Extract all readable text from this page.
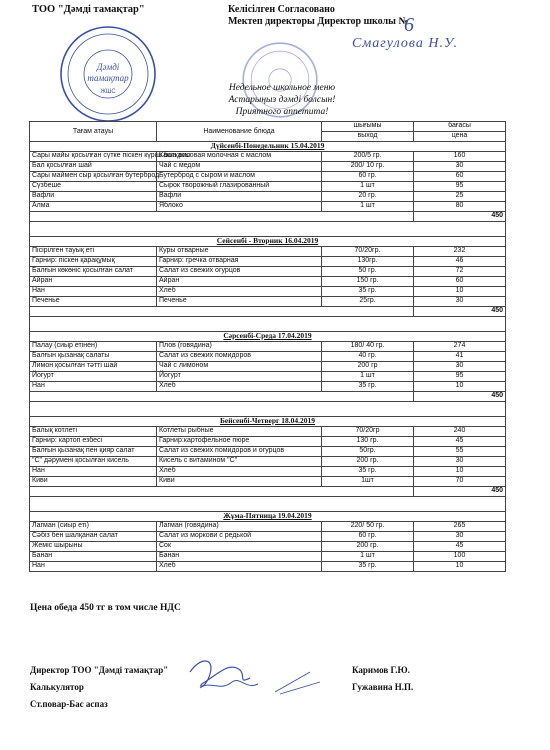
ТОО "Дәмді тамақтар"	Келісілген Согласовано
Мектеп директоры Директор школы №
6
Смагулова Н.У.
Дәмді
тамақтар
ЖШС	Недельное школьное меню
Астарыңыз дәмді болсын!
Приятного аппетита!
Тағам атауы	Наименование блюда	шығымы	бағасы
		выход	цена
Дүйсенбі-Понедельник 15.04.2019			
Сары майы қосылған сүтке піскен күріш ботқасы	Каша рисовая молочная с маслом	200/5 гр.	160
Бал қосылған шай	Чай с медом	200/ 10 гр.	30
Сары маймен сыр қосылған бутерброд	Бутерброд с сыром и маслом	60 гр.	60
Сүзбеше	Сырок творожный глазированный	1 шт	95
Вафли	Вафли	20 гр.	25
Алма	Яблоко	1 шт	80
			450

Сейсенбі - Вторник 16.04.2019			
Пісірілген тауық еті	Куры отварные	70/20гр.	232
Гарнир: піскен қарақұмық	Гарнир: гречка отварная	130гр.	46
Балғын көкөніс қосылған салат	Салат из свежих огурцов	50 гр.	72
Айран	Айран	150 гр.	60
Нан	Хлеб	35 гр.	10
Печенье	Печенье	25гр.	30
			450

Сәрсенбі-Среда 17.04.2019			
Палау (сиыр етінен)	Плов (говядина)	180/ 40 гр.	274
Балғын қызанақ салаты	Салат из свежих помидоров	40 гр.	41
Лимон қосылған тәтті шай	Чай с лимоном	200 гр	30
Йогурт	Йогурт	1 шт	95
Нан	Хлеб	35 гр.	10
			450

Бейсенбі-Четверг 18.04.2019			
Балық котлеті	Котлеты рыбные	70/20гр	240
Гарнир: картоп езбесі	Гарнир:картофельное пюре	130 гр.	45
Балғын қызанақ пен қияр салат	Салат из свежих помидоров и огурцов	50гр.	55
"С" дәрумені қосылған кисель	Кисель с витамином "С"	200 гр.	30
Нан	Хлеб	35 гр.	10
Киви	Киви	1шт	70
			450

Жұма-Пятница 19.04.2019			
Лагман (сиыр еті)	Лагман (говядина)	220/ 50 гр.	265
Сәбіз бен шалқанан салат	Салат из моркови с редькой	60 гр.	30
Жеміс шырыны	Сок	200 гр.	45
Банан	Банан	1 шт	100
Нан	Хлеб	35 гр.	10
Цена обеда 450 тг в том числе НДС
Директор ТОО "Дәмді тамақтар"	Каримов Г.Ю.
Калькулятор	Гужавина Н.П.
Ст.повар-Бас аспаз
